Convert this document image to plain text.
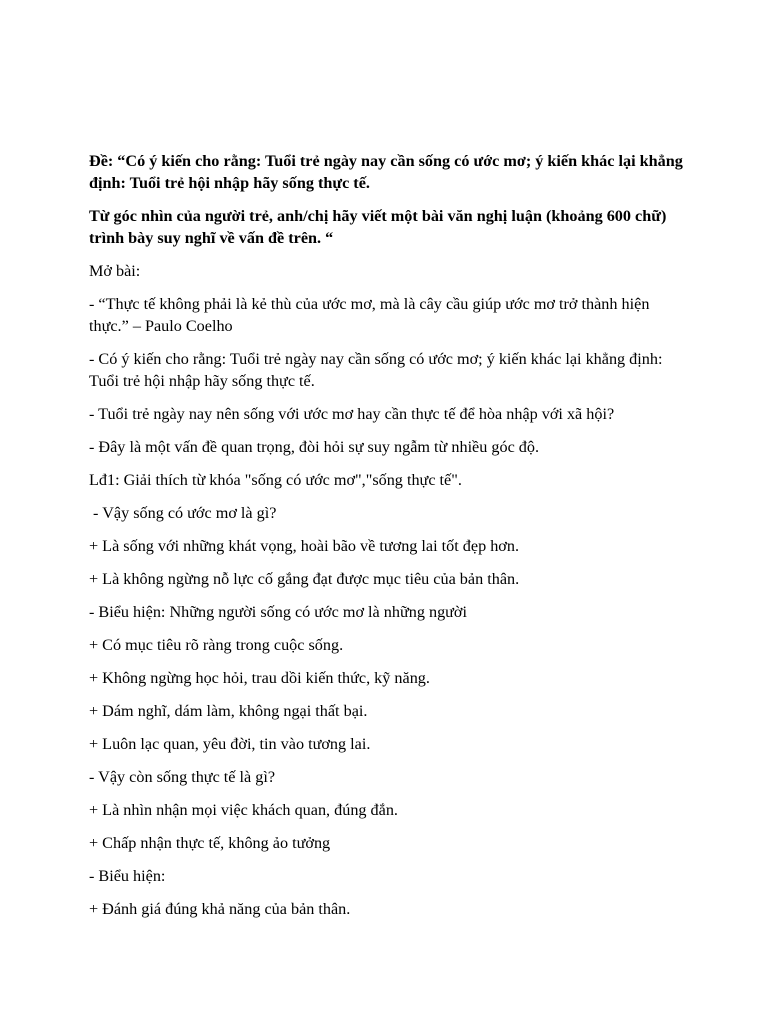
Đề: “Có ý kiến cho rằng: Tuổi trẻ ngày nay cần sống có ước mơ; ý kiến khác lại khẳng định: Tuổi trẻ hội nhập hãy sống thực tế.

Từ góc nhìn của người trẻ, anh/chị hãy viết một bài văn nghị luận (khoảng 600 chữ) trình bày suy nghĩ về vấn đề trên. “

Mở bài:

- “Thực tế không phải là kẻ thù của ước mơ, mà là cây cầu giúp ước mơ trở thành hiện thực.” – Paulo Coelho

- Có ý kiến cho rằng: Tuổi trẻ ngày nay cần sống có ước mơ; ý kiến khác lại khẳng định: Tuổi trẻ hội nhập hãy sống thực tế.

- Tuổi trẻ ngày nay nên sống với ước mơ hay cần thực tế để hòa nhập với xã hội?

- Đây là một vấn đề quan trọng, đòi hỏi sự suy ngẫm từ nhiều góc độ.

Lđ1: Giải thích từ khóa "sống có ước mơ","sống thực tế".

- Vậy sống có ước mơ là gì?

+ Là sống với những khát vọng, hoài bão về tương lai tốt đẹp hơn.

+ Là không ngừng nỗ lực cố gắng đạt được mục tiêu của bản thân.

- Biểu hiện: Những người sống có ước mơ là những người

+ Có mục tiêu rõ ràng trong cuộc sống.

+ Không ngừng học hỏi, trau dồi kiến thức, kỹ năng.

+ Dám nghĩ, dám làm, không ngại thất bại.

+ Luôn lạc quan, yêu đời, tin vào tương lai.

- Vậy còn sống thực tế là gì?

+ Là nhìn nhận mọi việc khách quan, đúng đắn.

+ Chấp nhận thực tế, không ảo tưởng

- Biểu hiện:

+ Đánh giá đúng khả năng của bản thân.
